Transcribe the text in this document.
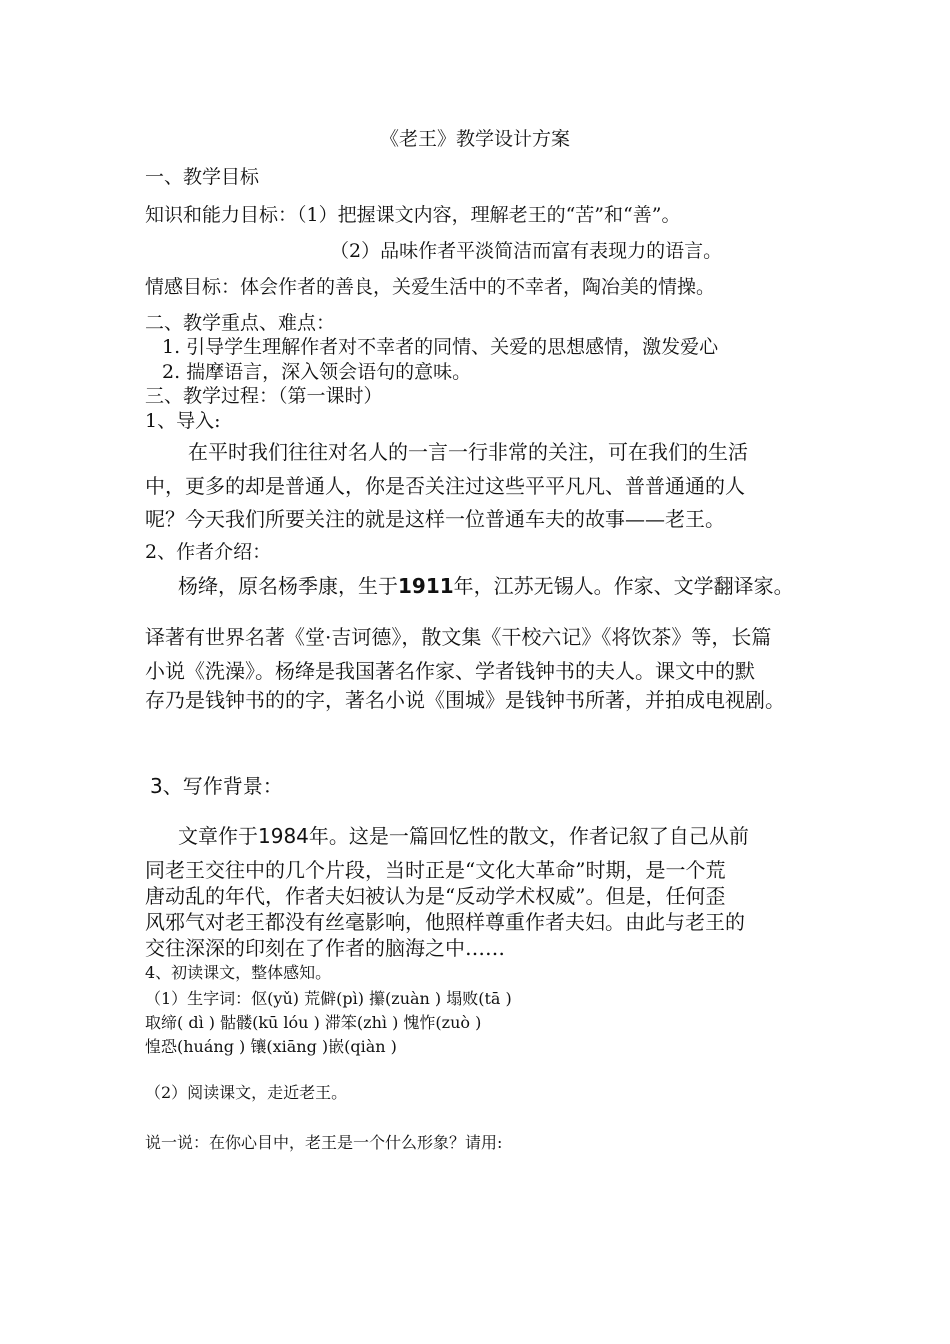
《老王》教学设计方案
一、教学目标
知识和能力目标：（1）把握课文内容，理解老王的“苦”和“善”。
（2）品味作者平淡简洁而富有表现力的语言。
情感目标：体会作者的善良，关爱生活中的不幸者，陶冶美的情操。
二、教学重点、难点：
1. 引导学生理解作者对不幸者的同情、关爱的思想感情，激发爱心
2. 揣摩语言，深入领会语句的意味。
三、教学过程：（第一课时）
1、导入:
在平时我们往往对名人的一言一行非常的关注，可在我们的生活
中，更多的却是普通人，你是否关注过这些平平凡凡、普普通通的人
呢？今天我们所要关注的就是这样一位普通车夫的故事——老王。
2、作者介绍：
杨绛，原名杨季康，生于1911年，江苏无锡人。作家、文学翻译家。
译著有世界名著《堂·吉诃德》，散文集《干校六记》《将饮茶》等，长篇
小说《洗澡》。杨绛是我国著名作家、学者钱钟书的夫人。课文中的默
存乃是钱钟书的的字，著名小说《围城》是钱钟书所著，并拍成电视剧。
3、写作背景：
文章作于1984年。这是一篇回忆性的散文，作者记叙了自己从前
同老王交往中的几个片段，当时正是“文化大革命”时期，是一个荒
唐动乱的年代，作者夫妇被认为是“反动学术权威”。但是，任何歪
风邪气对老王都没有丝毫影响，他照样尊重作者夫妇。由此与老王的
交往深深的印刻在了作者的脑海之中……
4、初读课文，整体感知。
（1）生字词：伛(yǔ) 荒僻(pì) 攥(zuàn ) 塌败(tā )
取缔( dì ) 骷髅(kū lóu ) 滞笨(zhì ) 愧怍(zuò )
惶恐(huáng ) 镶(xiāng )嵌(qiàn )
（2）阅读课文，走近老王。
说一说：在你心目中，老王是一个什么形象？请用:
